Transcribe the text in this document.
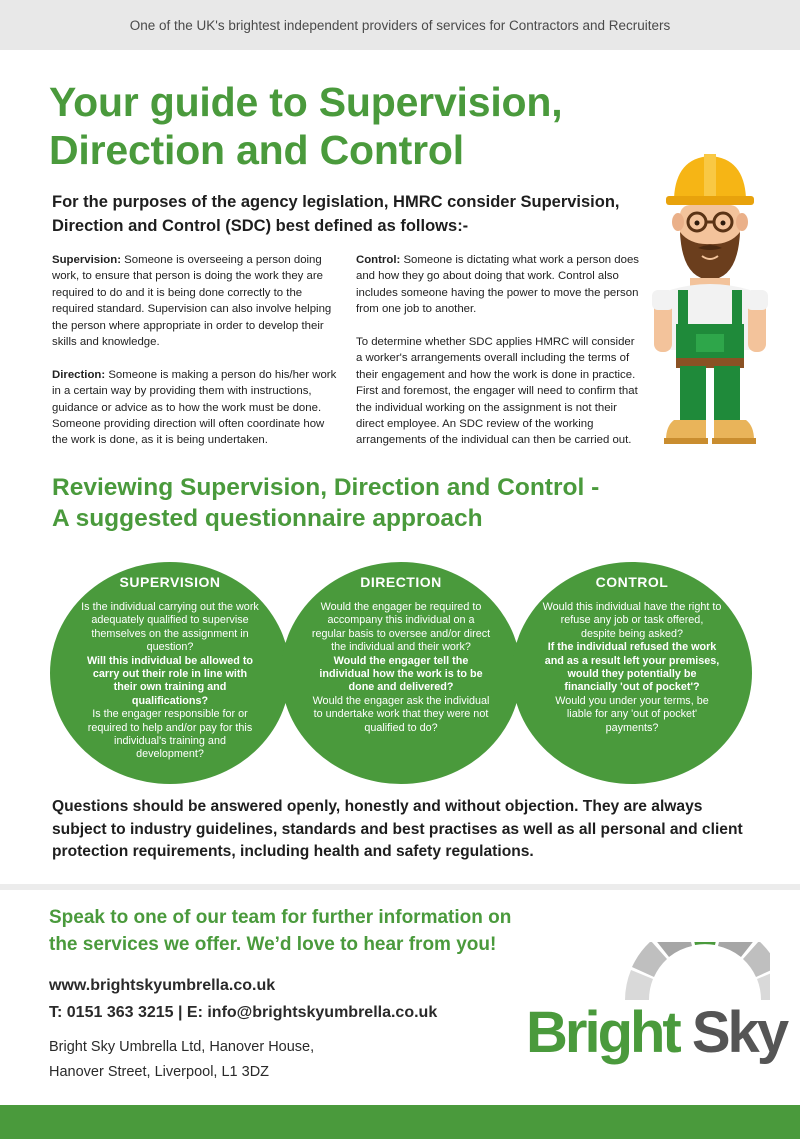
One of the UK's brightest independent providers of services for Contractors and Recruiters
Your guide to Supervision,
Direction and Control

For the purposes of the agency legislation, HMRC consider Supervision, Direction and Control (SDC) best defined as follows:-

Supervision: Someone is overseeing a person doing work, to ensure that person is doing the work they are required to do and it is being done correctly to the required standard. Supervision can also involve helping the person where appropriate in order to develop their skills and knowledge.

Direction: Someone is making a person do his/her work in a certain way by providing them with instructions, guidance or advice as to how the work must be done. Someone providing direction will often coordinate how the work is done, as it is being undertaken.

Control: Someone is dictating what work a person does and how they go about doing that work. Control also includes someone having the power to move the person from one job to another.

To determine whether SDC applies HMRC will consider a worker's arrangements overall including the terms of their engagement and how the work is done in practice. First and foremost, the engager will need to confirm that the individual working on the assignment is not their direct employee. An SDC review of the working arrangements of the individual can then be carried out.

Reviewing Supervision, Direction and Control -
A suggested questionnaire approach
SUPERVISION
Is the individual carrying out the work adequately qualified to supervise themselves on the assignment in question?
Will this individual be allowed to carry out their role in line with their own training and qualifications?
Is the engager responsible for or required to help and/or pay for this individual's training and development?
DIRECTION
Would the engager be required to accompany this individual on a regular basis to oversee and/or direct the individual and their work?
Would the engager tell the individual how the work is to be done and delivered?
Would the engager ask the individual to undertake work that they were not qualified to do?
CONTROL
Would this individual have the right to refuse any job or task offered, despite being asked?
If the individual refused the work and as a result left your premises, would they potentially be financially 'out of pocket'?
Would you under your terms, be liable for any 'out of pocket' payments?

Questions should be answered openly, honestly and without objection. They are always subject to industry guidelines, standards and best practises as well as all personal and client protection requirements, including health and safety regulations.

Speak to one of our team for further information on
the services we offer. We’d love to hear from you!
www.brightskyumbrella.co.uk
T: 0151 363 3215 | E: info@brightskyumbrella.co.uk
Bright Sky Umbrella Ltd, Hanover House,
Hanover Street, Liverpool, L1 3DZ
Bright Sky
